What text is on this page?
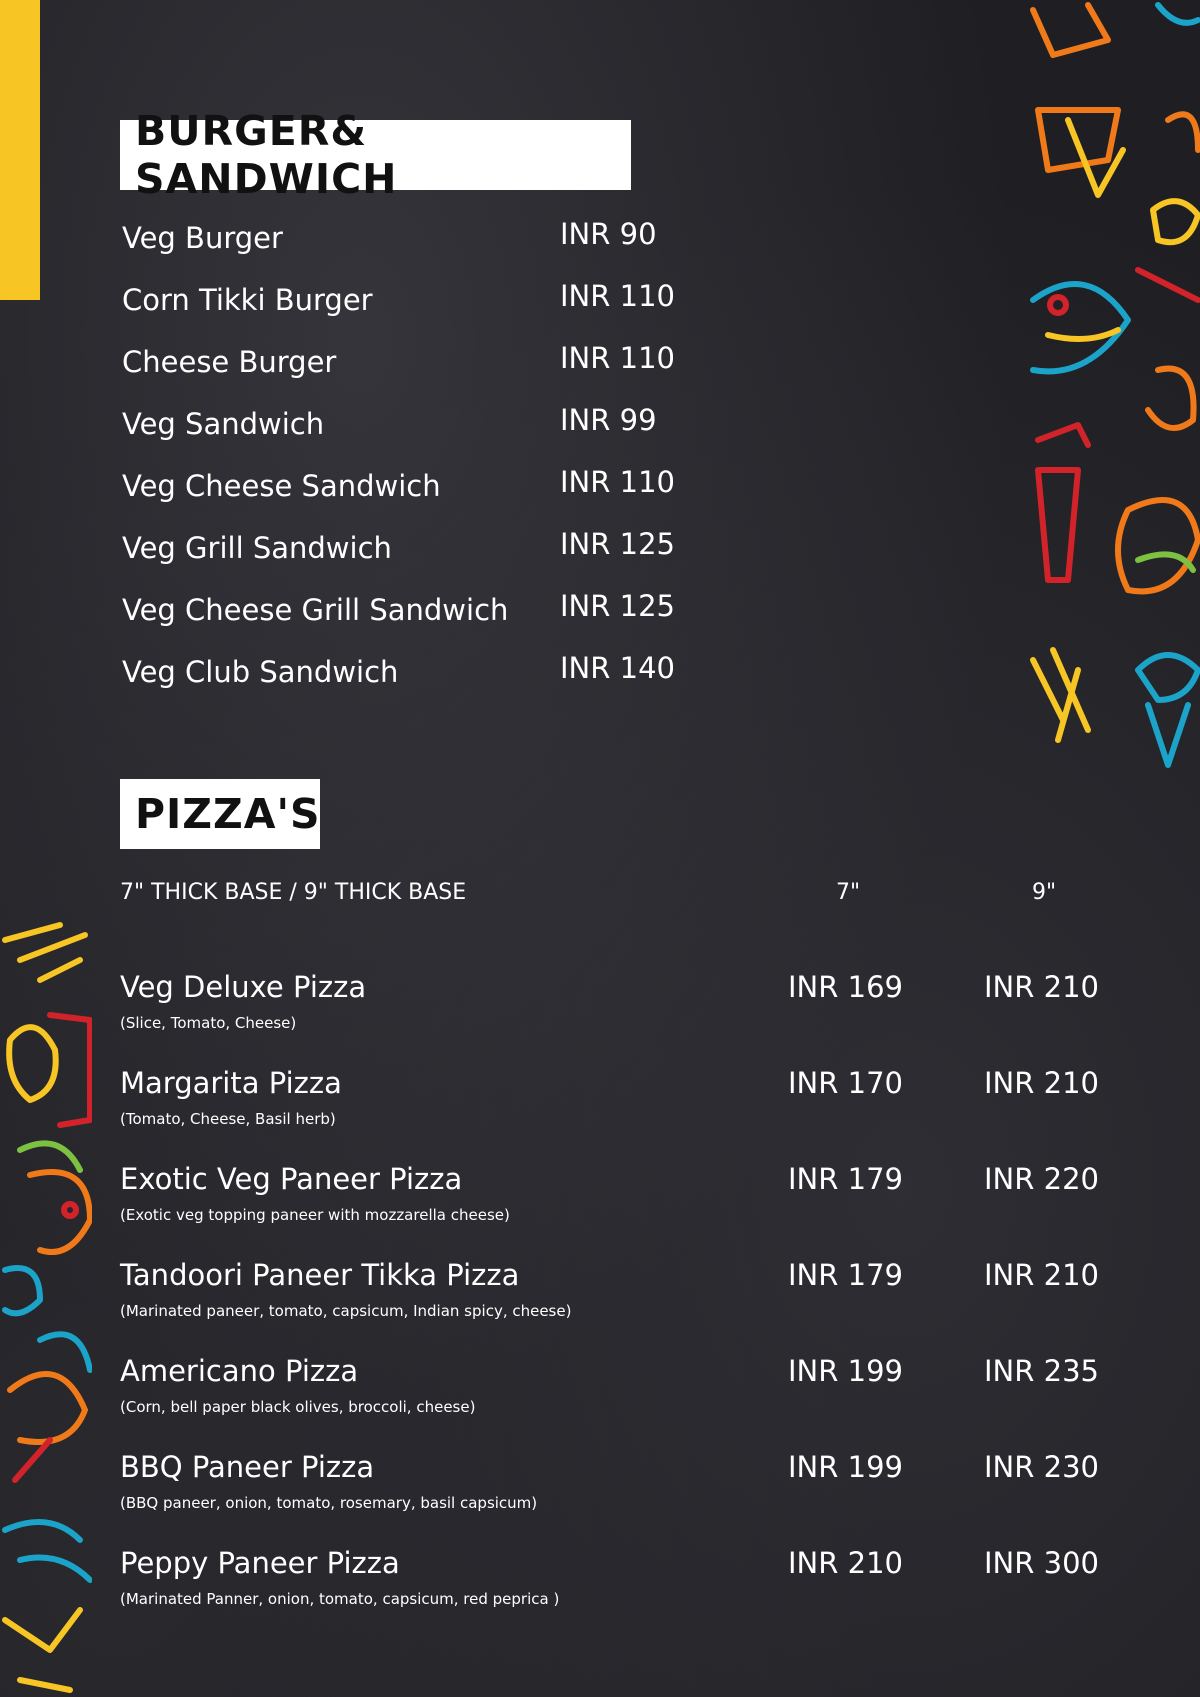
BURGER& SANDWICH
Veg Burger	INR 90
Corn Tikki Burger	INR 110
Cheese Burger	INR 110
Veg Sandwich	INR 99
Veg Cheese Sandwich	INR 110
Veg Grill Sandwich	INR 125
Veg Cheese Grill Sandwich INR 125
Veg Club Sandwich	INR 140
PIZZA'S
7" THICK BASE / 9" THICK BASE	7"	9"
Veg Deluxe Pizza
(Slice, Tomato, Cheese)
INR 169	INR 210
Margarita Pizza
(Tomato, Cheese, Basil herb)
INR 170	INR 210
Exotic Veg Paneer Pizza
(Exotic veg topping paneer with mozzarella cheese)
INR 179	INR 220
Tandoori Paneer Tikka Pizza
(Marinated paneer, tomato, capsicum, Indian spicy, cheese)
INR 179	INR 210
Americano Pizza
(Corn, bell paper black olives, broccoli, cheese)
INR 199	INR 235
BBQ Paneer Pizza
(BBQ paneer, onion, tomato, rosemary, basil capsicum)
INR 199	INR 230
Peppy Paneer Pizza
(Marinated Panner, onion, tomato, capsicum, red peprica )
INR 210	INR 300
